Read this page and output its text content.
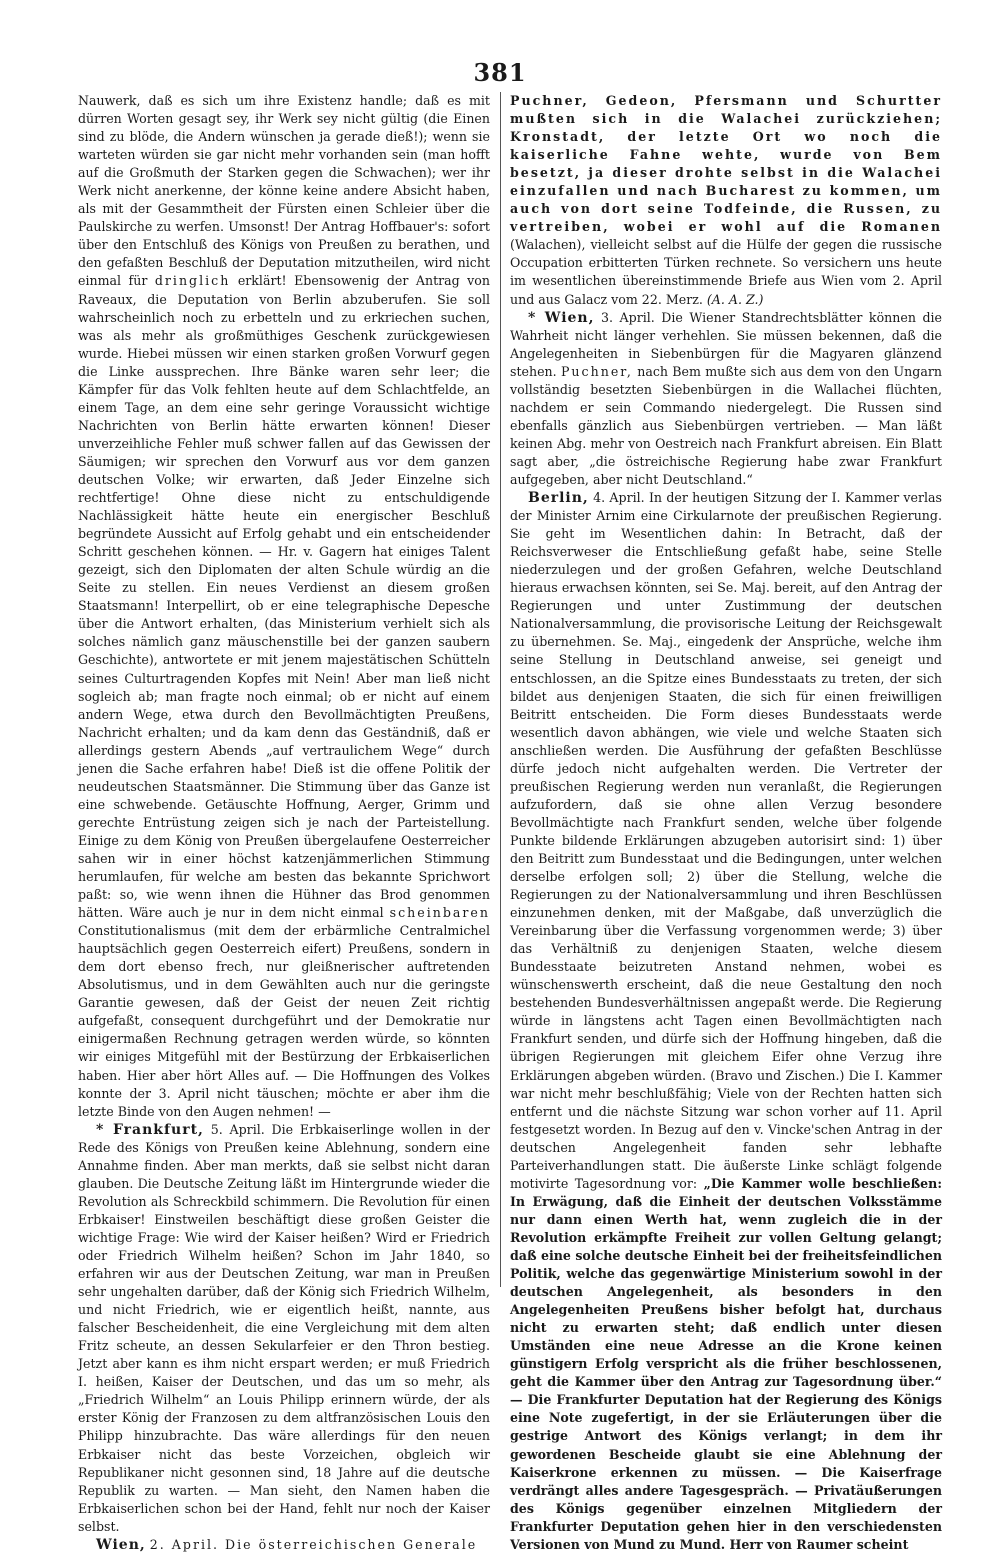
381

Nauwerk, daß es sich um ihre Existenz handle; daß es mit dürren Worten gesagt sey, ihr Werk sey nicht gültig (die Einen sind zu blöde, die Andern wünschen ja gerade dieß!); wenn sie warteten würden sie gar nicht mehr vorhanden sein (man hofft auf die Großmuth der Starken gegen die Schwachen); wer ihr Werk nicht anerkenne, der könne keine andere Absicht haben, als mit der Gesammtheit der Fürsten einen Schleier über die Paulskirche zu werfen. Umsonst! Der Antrag Hoffbauer's: sofort über den Entschluß des Königs von Preußen zu berathen, und den gefaßten Beschluß der Deputation mitzutheilen, wird nicht einmal für dringlich erklärt! Ebensowenig der Antrag von Raveaux, die Deputation von Berlin abzuberufen. Sie soll wahrscheinlich noch zu erbetteln und zu erkriechen suchen, was als mehr als großmüthiges Geschenk zurückgewiesen wurde. Hiebei müssen wir einen starken großen Vorwurf gegen die Linke aussprechen. Ihre Bänke waren sehr leer; die Kämpfer für das Volk fehlten heute auf dem Schlachtfelde, an einem Tage, an dem eine sehr geringe Voraussicht wichtige Nachrichten von Berlin hätte erwarten können! Dieser unverzeihliche Fehler muß schwer fallen auf das Gewissen der Säumigen; wir sprechen den Vorwurf aus vor dem ganzen deutschen Volke; wir erwarten, daß Jeder Einzelne sich rechtfertige! Ohne diese nicht zu entschuldigende Nachlässigkeit hätte heute ein energischer Beschluß begründete Aussicht auf Erfolg gehabt und ein entscheidender Schritt geschehen können. — Hr. v. Gagern hat einiges Talent gezeigt, sich den Diplomaten der alten Schule würdig an die Seite zu stellen. Ein neues Verdienst an diesem großen Staatsmann! Interpellirt, ob er eine telegraphische Depesche über die Antwort erhalten, (das Ministerium verhielt sich als solches nämlich ganz mäuschenstille bei der ganzen saubern Geschichte), antwortete er mit jenem majestätischen Schütteln seines Culturtragenden Kopfes mit Nein! Aber man ließ nicht sogleich ab; man fragte noch einmal; ob er nicht auf einem andern Wege, etwa durch den Bevollmächtigten Preußens, Nachricht erhalten; und da kam denn das Geständniß, daß er allerdings gestern Abends „auf vertraulichem Wege“ durch jenen die Sache erfahren habe! Dieß ist die offene Politik der neudeutschen Staatsmänner. Die Stimmung über das Ganze ist eine schwebende. Getäuschte Hoffnung, Aerger, Grimm und gerechte Entrüstung zeigen sich je nach der Parteistellung. Einige zu dem König von Preußen übergelaufene Oesterreicher sahen wir in einer höchst katzenjämmerlichen Stimmung herumlaufen, für welche am besten das bekannte Sprichwort paßt: so, wie wenn ihnen die Hühner das Brod genommen hätten. Wäre auch je nur in dem nicht einmal scheinbaren Constitutionalismus (mit dem der erbärmliche Centralmichel hauptsächlich gegen Oesterreich eifert) Preußens, sondern in dem dort ebenso frech, nur gleißnerischer auftretenden Absolutismus, und in dem Gewählten auch nur die geringste Garantie gewesen, daß der Geist der neuen Zeit richtig aufgefaßt, consequent durchgeführt und der Demokratie nur einigermaßen Rechnung getragen werden würde, so könnten wir einiges Mitgefühl mit der Bestürzung der Erbkaiserlichen haben. Hier aber hört Alles auf. — Die Hoffnungen des Volkes konnte der 3. April nicht täuschen; möchte er aber ihm die letzte Binde von den Augen nehmen! —

* Frankfurt, 5. April. Die Erbkaiserlinge wollen in der Rede des Königs von Preußen keine Ablehnung, sondern eine Annahme finden. Aber man merkts, daß sie selbst nicht daran glauben. Die Deutsche Zeitung läßt im Hintergrunde wieder die Revolution als Schreckbild schimmern. Die Revolution für einen Erbkaiser! Einstweilen beschäftigt diese großen Geister die wichtige Frage: Wie wird der Kaiser heißen? Wird er Friedrich oder Friedrich Wilhelm heißen? Schon im Jahr 1840, so erfahren wir aus der Deutschen Zeitung, war man in Preußen sehr ungehalten darüber, daß der König sich Friedrich Wilhelm, und nicht Friedrich, wie er eigentlich heißt, nannte, aus falscher Bescheidenheit, die eine Vergleichung mit dem alten Fritz scheute, an dessen Sekularfeier er den Thron bestieg. Jetzt aber kann es ihm nicht erspart werden; er muß Friedrich I. heißen, Kaiser der Deutschen, und das um so mehr, als „Friedrich Wilhelm“ an Louis Philipp erinnern würde, der als erster König der Franzosen zu dem altfranzösischen Louis den Philipp hinzubrachte. Das wäre allerdings für den neuen Erbkaiser nicht das beste Vorzeichen, obgleich wir Republikaner nicht gesonnen sind, 18 Jahre auf die deutsche Republik zu warten. — Man sieht, den Namen haben die Erbkaiserlichen schon bei der Hand, fehlt nur noch der Kaiser selbst.

Wien, 2. April. Die österreichischen Generale

Puchner, Gedeon, Pfersmann und Schurtter mußten sich in die Walachei zurückziehen; Kronstadt, der letzte Ort wo noch die kaiserliche Fahne wehte, wurde von Bem besetzt, ja dieser drohte selbst in die Walachei einzufallen und nach Bucharest zu kommen, um auch von dort seine Todfeinde, die Russen, zu vertreiben, wobei er wohl auf die Romanen (Walachen), vielleicht selbst auf die Hülfe der gegen die russische Occupation erbitterten Türken rechnete. So versichern uns heute im wesentlichen übereinstimmende Briefe aus Wien vom 2. April und aus Galacz vom 22. Merz. (A. A. Z.)

* Wien, 3. April. Die Wiener Standrechtsblätter können die Wahrheit nicht länger verhehlen. Sie müssen bekennen, daß die Angelegenheiten in Siebenbürgen für die Magyaren glänzend stehen. Puchner, nach Bem mußte sich aus dem von den Ungarn vollständig besetzten Siebenbürgen in die Wallachei flüchten, nachdem er sein Commando niedergelegt. Die Russen sind ebenfalls gänzlich aus Siebenbürgen vertrieben. — Man läßt keinen Abg. mehr von Oestreich nach Frankfurt abreisen. Ein Blatt sagt aber, „die östreichische Regierung habe zwar Frankfurt aufgegeben, aber nicht Deutschland.“

Berlin, 4. April. In der heutigen Sitzung der I. Kammer verlas der Minister Arnim eine Cirkularnote der preußischen Regierung. Sie geht im Wesentlichen dahin: In Betracht, daß der Reichsverweser die Entschließung gefaßt habe, seine Stelle niederzulegen und der großen Gefahren, welche Deutschland hieraus erwachsen könnten, sei Se. Maj. bereit, auf den Antrag der Regierungen und unter Zustimmung der deutschen Nationalversammlung, die provisorische Leitung der Reichsgewalt zu übernehmen. Se. Maj., eingedenk der Ansprüche, welche ihm seine Stellung in Deutschland anweise, sei geneigt und entschlossen, an die Spitze eines Bundesstaats zu treten, der sich bildet aus denjenigen Staaten, die sich für einen freiwilligen Beitritt entscheiden. Die Form dieses Bundesstaats werde wesentlich davon abhängen, wie viele und welche Staaten sich anschließen werden. Die Ausführung der gefaßten Beschlüsse dürfe jedoch nicht aufgehalten werden. Die Vertreter der preußischen Regierung werden nun veranlaßt, die Regierungen aufzufordern, daß sie ohne allen Verzug besondere Bevollmächtigte nach Frankfurt senden, welche über folgende Punkte bildende Erklärungen abzugeben autorisirt sind: 1) über den Beitritt zum Bundesstaat und die Bedingungen, unter welchen derselbe erfolgen soll; 2) über die Stellung, welche die Regierungen zu der Nationalversammlung und ihren Beschlüssen einzunehmen denken, mit der Maßgabe, daß unverzüglich die Vereinbarung über die Verfassung vorgenommen werde; 3) über das Verhältniß zu denjenigen Staaten, welche diesem Bundesstaate beizutreten Anstand nehmen, wobei es wünschenswerth erscheint, daß die neue Gestaltung den noch bestehenden Bundesverhältnissen angepaßt werde. Die Regierung würde in längstens acht Tagen einen Bevollmächtigten nach Frankfurt senden, und dürfe sich der Hoffnung hingeben, daß die übrigen Regierungen mit gleichem Eifer ohne Verzug ihre Erklärungen abgeben würden. (Bravo und Zischen.) Die I. Kammer war nicht mehr beschlußfähig; Viele von der Rechten hatten sich entfernt und die nächste Sitzung war schon vorher auf 11. April festgesetzt worden. In Bezug auf den v. Vincke'schen Antrag in der deutschen Angelegenheit fanden sehr lebhafte Parteiverhandlungen statt. Die äußerste Linke schlägt folgende motivirte Tagesordnung vor: „Die Kammer wolle beschließen: In Erwägung, daß die Einheit der deutschen Volksstämme nur dann einen Werth hat, wenn zugleich die in der Revolution erkämpfte Freiheit zur vollen Geltung gelangt; daß eine solche deutsche Einheit bei der freiheitsfeindlichen Politik, welche das gegenwärtige Ministerium sowohl in der deutschen Angelegenheit, als besonders in den Angelegenheiten Preußens bisher befolgt hat, durchaus nicht zu erwarten steht; daß endlich unter diesen Umständen eine neue Adresse an die Krone keinen günstigern Erfolg verspricht als die früher beschlossenen, geht die Kammer über den Antrag zur Tagesordnung über.“ — Die Frankfurter Deputation hat der Regierung des Königs eine Note zugefertigt, in der sie Erläuterungen über die gestrige Antwort des Königs verlangt; in dem ihr gewordenen Bescheide glaubt sie eine Ablehnung der Kaiserkrone erkennen zu müssen. — Die Kaiserfrage verdrängt alles andere Tagesgespräch. — Privatäußerungen des Königs gegenüber einzelnen Mitgliedern der Frankfurter Deputation gehen hier in den verschiedensten Versionen von Mund zu Mund. Herr von Raumer scheint
